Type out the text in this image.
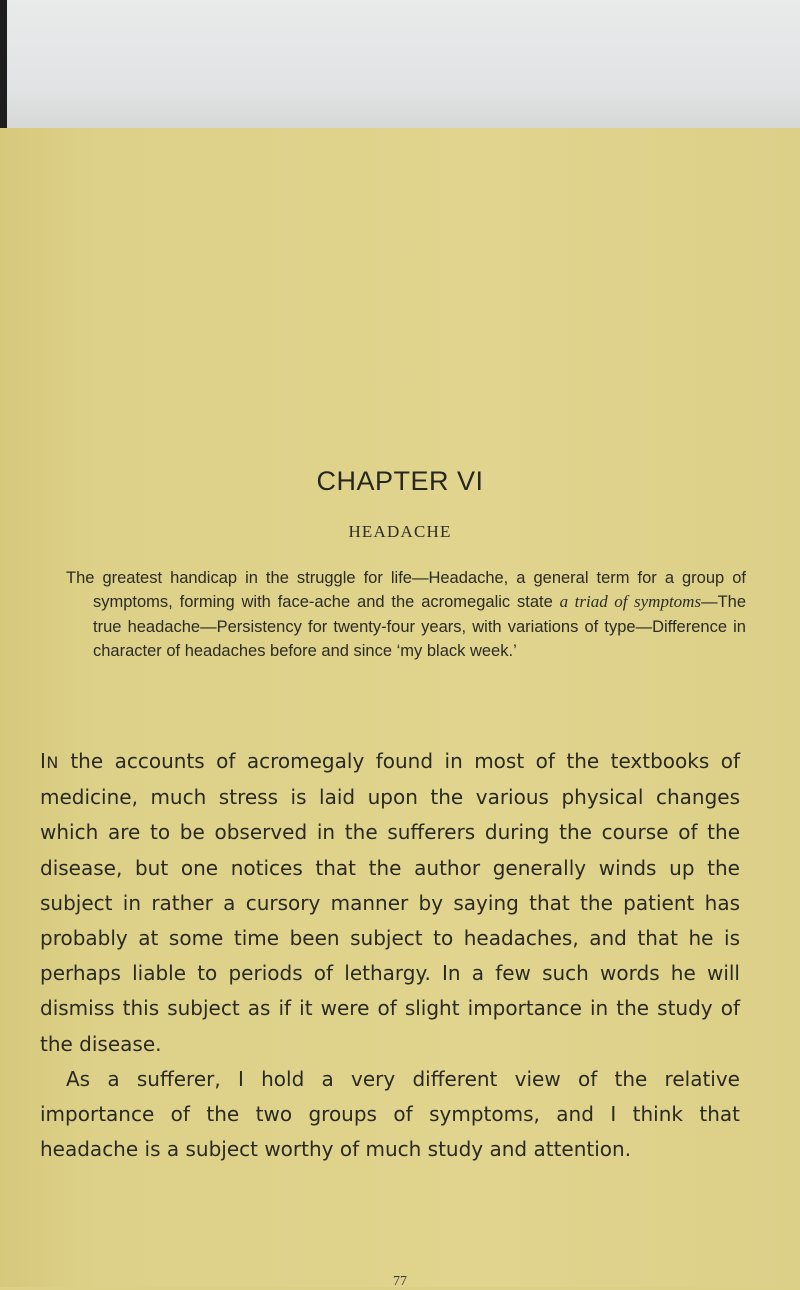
CHAPTER VI
HEADACHE
The greatest handicap in the struggle for life—Headache, a general term for a group of symptoms, forming with face-ache and the acromegalic state a triad of symptoms—The true headache—Persistency for twenty-four years, with variations of type—Difference in character of headaches before and since ‘my black week.’

IN the accounts of acromegaly found in most of the textbooks of medicine, much stress is laid upon the various physical changes which are to be observed in the sufferers during the course of the disease, but one notices that the author generally winds up the subject in rather a cursory manner by saying that the patient has probably at some time been subject to headaches, and that he is perhaps liable to periods of lethargy. In a few such words he will dismiss this subject as if it were of slight importance in the study of the disease.

As a sufferer, I hold a very different view of the relative importance of the two groups of symptoms, and I think that headache is a subject worthy of much study and attention.

77
